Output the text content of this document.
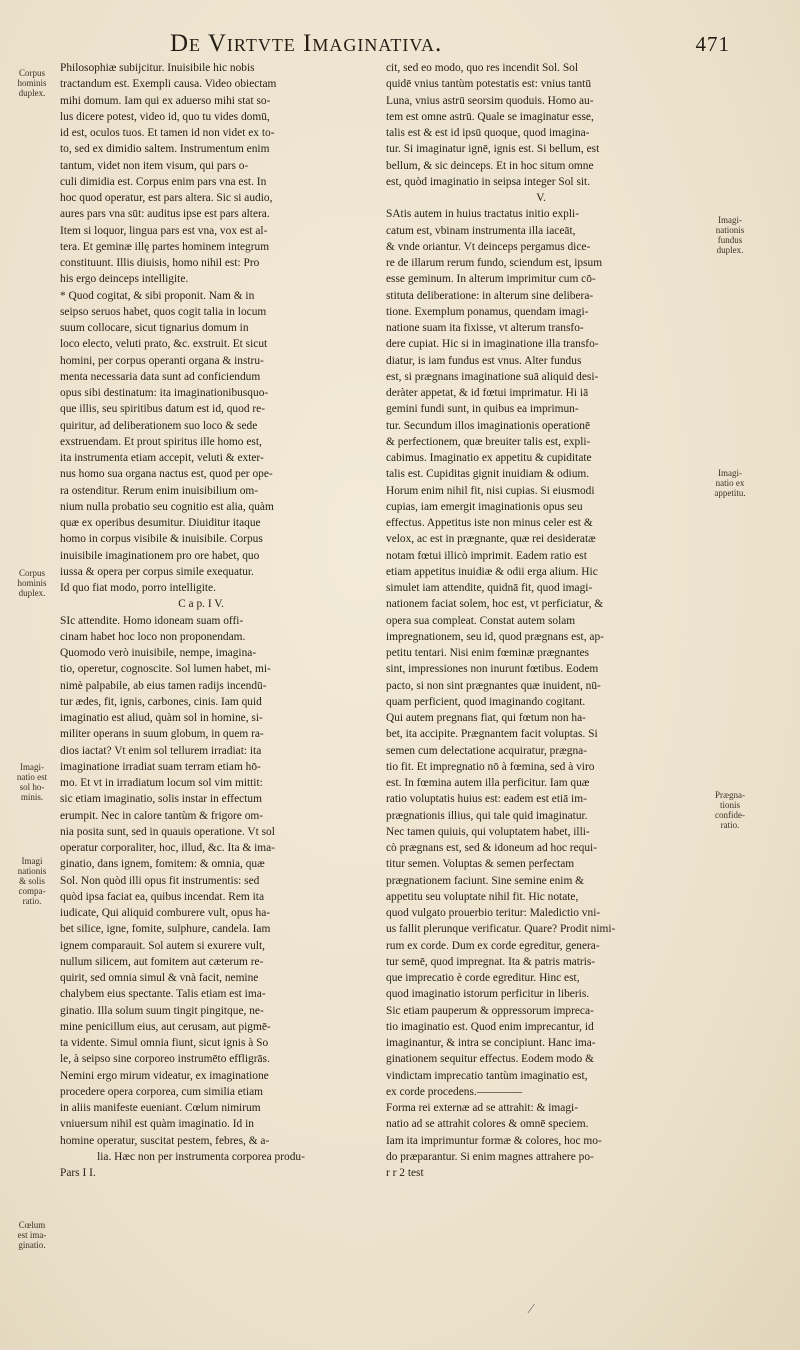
De Virtvte Imaginativa.	471
Corpus
hominis
duplex.
Corpus
hominis
duplex.
Imagi-
natio est
sol ho-
minis.
Imagi
nationis
& solis
compa-
ratio.
Cœlum
est ima-
ginatio.
Imagi-
nationis
fundus
duplex.
Imagi-
natio ex
appetitu.
Prægna-
tionis
confide-
ratio.

Philosophiæ subijcitur. Inuisibile hic nobis

tractandum est. Exempli causa. Video obiectam

mihi domum. Iam qui ex aduerso mihi stat so-

lus dicere potest, video id, quo tu vides domū,

id est, oculos tuos. Et tamen id non videt ex to-

to, sed ex dimidio saltem. Instrumentum enim

tantum, videt non item visum, qui pars o-

culi dimidia est. Corpus enim pars vna est. In

hoc quod operatur, est pars altera. Sic si audio,

aures pars vna sūt: auditus ipse est pars altera.

Item si loquor, lingua pars est vna, vox est al-

tera. Et geminæ illę partes hominem integrum

constituunt. Illis diuisis, homo nihil est: Pro

his ergo deinceps intelligite.

* Quod cogitat, & sibi proponit. Nam & in

seipso seruos habet, quos cogit talia in locum

suum collocare, sicut tignarius domum in

loco electo, veluti prato, &c. exstruit. Et sicut

homini, per corpus operanti organa & instru-

menta necessaria data sunt ad conficiendum

opus sibi destinatum: ita imaginationibusquo-

que illis, seu spiritibus datum est id, quod re-

quiritur, ad deliberationem suo loco & sede

exstruendam. Et prout spiritus ille homo est,

ita instrumenta etiam accepit, veluti & exter-

nus homo sua organa nactus est, quod per ope-

ra ostenditur. Rerum enim inuisibilium om-

nium nulla probatio seu cognitio est alia, quàm

quæ ex operibus desumitur. Diuiditur itaque

homo in corpus visibile & inuisibile. Corpus

inuisibile imaginationem pro ore habet, quo

iussa & opera per corpus simile exequatur.

Id quo fiat modo, porro intelligite.

C a p. I V.

SIc attendite. Homo idoneam suam offi-

cinam habet hoc loco non proponendam.

Quomodo verò inuisibile, nempe, imagina-

tio, operetur, cognoscite. Sol lumen habet, mi-

nimè palpabile, ab eius tamen radijs incendū-

tur ædes, fit, ignis, carbones, cinis. Iam quid

imaginatio est aliud, quàm sol in homine, si-

militer operans in suum globum, in quem ra-

dios iactat? Vt enim sol tellurem irradiat: ita

imaginatione irradiat suam terram etiam hō-

mo. Et vt in irradiatum locum sol vim mittit:

sic etiam imaginatio, solis instar in effectum

erumpit. Nec in calore tantùm & frigore om-

nia posita sunt, sed in quauis operatione. Vt sol

operatur corporaliter, hoc, illud, &c. Ita & ima-

ginatio, dans ignem, fomitem: & omnia, quæ

Sol. Non quòd illi opus fit instrumentis: sed

quòd ipsa faciat ea, quibus incendat. Rem ita

iudicate, Qui aliquid comburere vult, opus ha-

bet silice, igne, fomite, sulphure, candela. Iam

ignem comparauit. Sol autem si exurere vult,

nullum silicem, aut fomitem aut cæterum re-

quirit, sed omnia simul & vnà facit, nemine

chalybem eius spectante. Talis etiam est ima-

ginatio. Illa solum suum tingit pingitque, ne-

mine penicillum eius, aut cerusam, aut pigmē-

ta vidente. Simul omnia fiunt, sicut ignis à So

le, à seipso sine corporeo instrumēto effligrās.

Nemini ergo mirum videatur, ex imaginatione

procedere opera corporea, cum similia etiam

in aliis manifeste eueniant. Cœlum nimirum

vniuersum nihil est quàm imaginatio. Id in

homine operatur, suscitat pestem, febres, & a-

lia. Hæc non per instrumenta corporea produ-

Pars I I.

cit, sed eo modo, quo res incendit Sol. Sol

quidē vnius tantùm potestatis est: vnius tantū

Luna, vnius astrū seorsim quoduis. Homo au-

tem est omne astrū. Quale se imaginatur esse,

talis est & est id ipsū quoque, quod imagina-

tur. Si imaginatur ignē, ignis est. Si bellum, est

bellum, & sic deinceps. Et in hoc situm omne

est, quòd imaginatio in seipsa integer Sol sit.

V.

SAtis autem in huius tractatus initio expli-

catum est, vbinam instrumenta illa iaceāt,

& vnde oriantur. Vt deinceps pergamus dice-

re de illarum rerum fundo, sciendum est, ipsum

esse geminum. In alterum imprimitur cum cō-

stituta deliberatione: in alterum sine delibera-

tione. Exemplum ponamus, quendam imagi-

natione suam ita fixisse, vt alterum transfo-

dere cupiat. Hic si in imaginatione illa transfo-

diatur, is iam fundus est vnus. Alter fundus

est, si prægnans imaginatione suā aliquid desi-

deràter appetat, & id fœtui imprimatur. Hi iā

gemini fundi sunt, in quibus ea imprimun-

tur. Secundum illos imaginationis operationē

& perfectionem, quæ breuiter talis est, expli-

cabimus. Imaginatio ex appetitu & cupiditate

talis est. Cupiditas gignit inuidiam & odium.

Horum enim nihil fit, nisi cupias. Si eiusmodi

cupias, iam emergit imaginationis opus seu

effectus. Appetitus iste non minus celer est &

velox, ac est in prægnante, quæ rei desideratæ

notam fœtui illicò imprimit. Eadem ratio est

etiam appetitus inuidiæ & odii erga alium. Hic

simulet iam attendite, quidnā fit, quod imagi-

nationem faciat solem, hoc est, vt perficiatur, &

opera sua compleat. Constat autem solam

impregnationem, seu id, quod prægnans est, ap-

petitu tentari. Nisi enim fœminæ prægnantes

sint, impressiones non inurunt fœtibus. Eodem

pacto, si non sint prægnantes quæ inuident, nū-

quam perficient, quod imaginando cogitant.

Qui autem pregnans fiat, qui fœtum non ha-

bet, ita accipite. Prægnantem facit voluptas. Si

semen cum delectatione acquiratur, prægna-

tio fit. Et impregnatio nō à fœmina, sed à viro

est. In fœmina autem illa perficitur. Iam quæ

ratio voluptatis huius est: eadem est etiā im-

prægnationis illius, qui tale quid imaginatur.

Nec tamen quiuis, qui voluptatem habet, illi-

cò prægnans est, sed & idoneum ad hoc requi-

titur semen. Voluptas & semen perfectam

prægnationem faciunt. Sine semine enim &

appetitu seu voluptate nihil fit. Hic notate,

quod vulgato prouerbio teritur: Maledictio vni-

us fallit plerunque verificatur. Quare? Prodit nimi-

rum ex corde. Dum ex corde egreditur, genera-

tur semē, quod impregnat. Ita & patris matris-

que imprecatio è corde egreditur. Hinc est,

quod imaginatio istorum perficitur in liberis.

Sic etiam pauperum & oppressorum impreca-

tio imaginatio est. Quod enim imprecantur, id

imaginantur, & intra se concipiunt. Hanc ima-

ginationem sequitur effectus. Eodem modo &

vindictam imprecatio tantùm imaginatio est,

ex corde procedens.————

Forma rei externæ ad se attrahit: & imagi-

natio ad se attrahit colores & omnē speciem.

Iam ita imprimuntur formæ & colores, hoc mo-

do præparantur. Si enim magnes attrahere po-

r r 2 test

⁄
